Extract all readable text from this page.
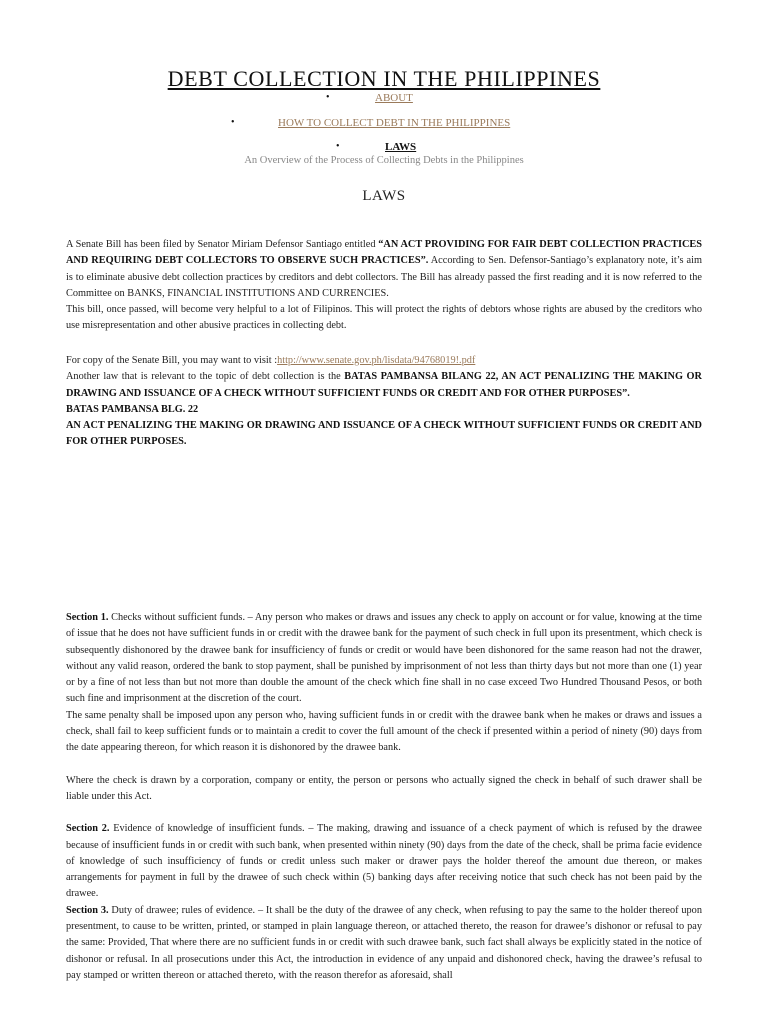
DEBT COLLECTION IN THE PHILIPPINES
•	ABOUT
•	HOW TO COLLECT DEBT IN THE PHILIPPINES
•	LAWS
An Overview of the Process of Collecting Debts in the Philippines
LAWS

A Senate Bill has been filed by Senator Miriam Defensor Santiago entitled “AN ACT PROVIDING FOR FAIR DEBT COLLECTION PRACTICES AND REQUIRING DEBT COLLECTORS TO OBSERVE SUCH PRACTICES”. According to Sen. Defensor-Santiago’s explanatory note, it’s aim is to eliminate abusive debt collection practices by creditors and debt collectors. The Bill has already passed the first reading and it is now referred to the Committee on BANKS, FINANCIAL INSTITUTIONS AND CURRENCIES.

This bill, once passed, will become very helpful to a lot of Filipinos. This will protect the rights of debtors whose rights are abused by the creditors who use misrepresentation and other abusive practices in collecting debt.

For copy of the Senate Bill, you may want to visit :http://www.senate.gov.ph/lisdata/94768019!.pdf

Another law that is relevant to the topic of debt collection is the BATAS PAMBANSA BILANG 22, AN ACT PENALIZING THE MAKING OR DRAWING AND ISSUANCE OF A CHECK WITHOUT SUFFICIENT FUNDS OR CREDIT AND FOR OTHER PURPOSES”.

BATAS PAMBANSA BLG. 22

AN ACT PENALIZING THE MAKING OR DRAWING AND ISSUANCE OF A CHECK WITHOUT SUFFICIENT FUNDS OR CREDIT AND FOR OTHER PURPOSES.

Section 1. Checks without sufficient funds. – Any person who makes or draws and issues any check to apply on account or for value, knowing at the time of issue that he does not have sufficient funds in or credit with the drawee bank for the payment of such check in full upon its presentment, which check is subsequently dishonored by the drawee bank for insufficiency of funds or credit or would have been dishonored for the same reason had not the drawer, without any valid reason, ordered the bank to stop payment, shall be punished by imprisonment of not less than thirty days but not more than one (1) year or by a fine of not less than but not more than double the amount of the check which fine shall in no case exceed Two Hundred Thousand Pesos, or both such fine and imprisonment at the discretion of the court.

The same penalty shall be imposed upon any person who, having sufficient funds in or credit with the drawee bank when he makes or draws and issues a check, shall fail to keep sufficient funds or to maintain a credit to cover the full amount of the check if presented within a period of ninety (90) days from the date appearing thereon, for which reason it is dishonored by the drawee bank.

Where the check is drawn by a corporation, company or entity, the person or persons who actually signed the check in behalf of such drawer shall be liable under this Act.

Section 2. Evidence of knowledge of insufficient funds. – The making, drawing and issuance of a check payment of which is refused by the drawee because of insufficient funds in or credit with such bank, when presented within ninety (90) days from the date of the check, shall be prima facie evidence of knowledge of such insufficiency of funds or credit unless such maker or drawer pays the holder thereof the amount due thereon, or makes arrangements for payment in full by the drawee of such check within (5) banking days after receiving notice that such check has not been paid by the drawee.

Section 3. Duty of drawee; rules of evidence. – It shall be the duty of the drawee of any check, when refusing to pay the same to the holder thereof upon presentment, to cause to be written, printed, or stamped in plain language thereon, or attached thereto, the reason for drawee’s dishonor or refusal to pay the same: Provided, That where there are no sufficient funds in or credit with such drawee bank, such fact shall always be explicitly stated in the notice of dishonor or refusal. In all prosecutions under this Act, the introduction in evidence of any unpaid and dishonored check, having the drawee’s refusal to pay stamped or written thereon or attached thereto, with the reason therefor as aforesaid, shall
